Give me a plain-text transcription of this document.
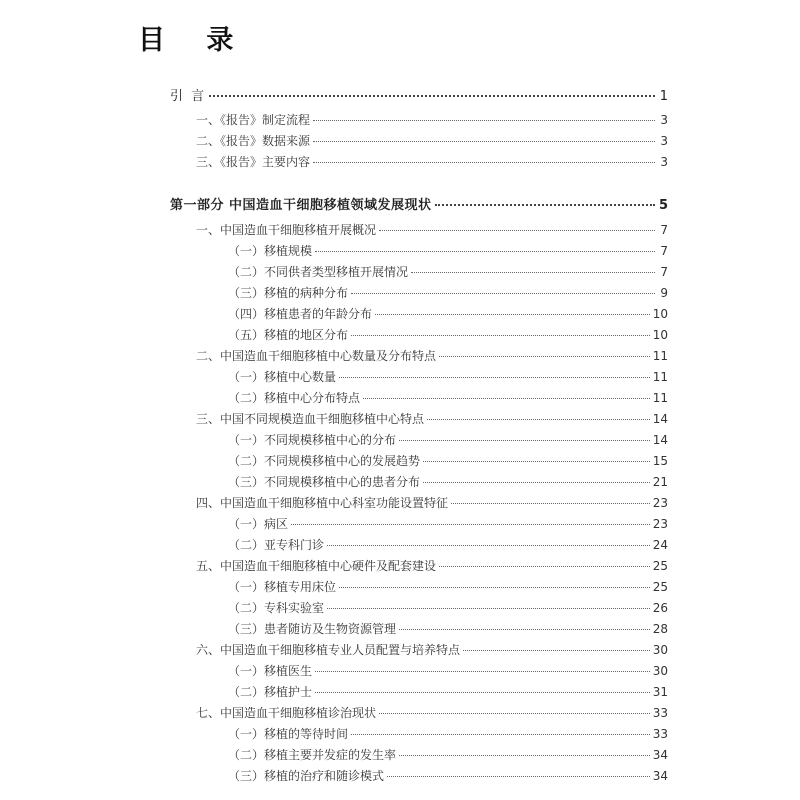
目 录
引 言	1
一、《报告》制定流程	3
二、《报告》数据来源	3
三、《报告》主要内容	3
第一部分 中国造血干细胞移植领域发展现状	5
一、中国造血干细胞移植开展概况	7
（一）移植规模	7
（二）不同供者类型移植开展情况	7
（三）移植的病种分布	9
（四）移植患者的年龄分布	10
（五）移植的地区分布	10
二、中国造血干细胞移植中心数量及分布特点	11
（一）移植中心数量	11
（二）移植中心分布特点	11
三、中国不同规模造血干细胞移植中心特点	14
（一）不同规模移植中心的分布	14
（二）不同规模移植中心的发展趋势	15
（三）不同规模移植中心的患者分布	21
四、中国造血干细胞移植中心科室功能设置特征	23
（一）病区	23
（二）亚专科门诊	24
五、中国造血干细胞移植中心硬件及配套建设	25
（一）移植专用床位	25
（二）专科实验室	26
（三）患者随访及生物资源管理	28
六、中国造血干细胞移植专业人员配置与培养特点	30
（一）移植医生	30
（二）移植护士	31
七、中国造血干细胞移植诊治现状	33
（一）移植的等待时间	33
（二）移植主要并发症的发生率	34
（三）移植的治疗和随诊模式	34
